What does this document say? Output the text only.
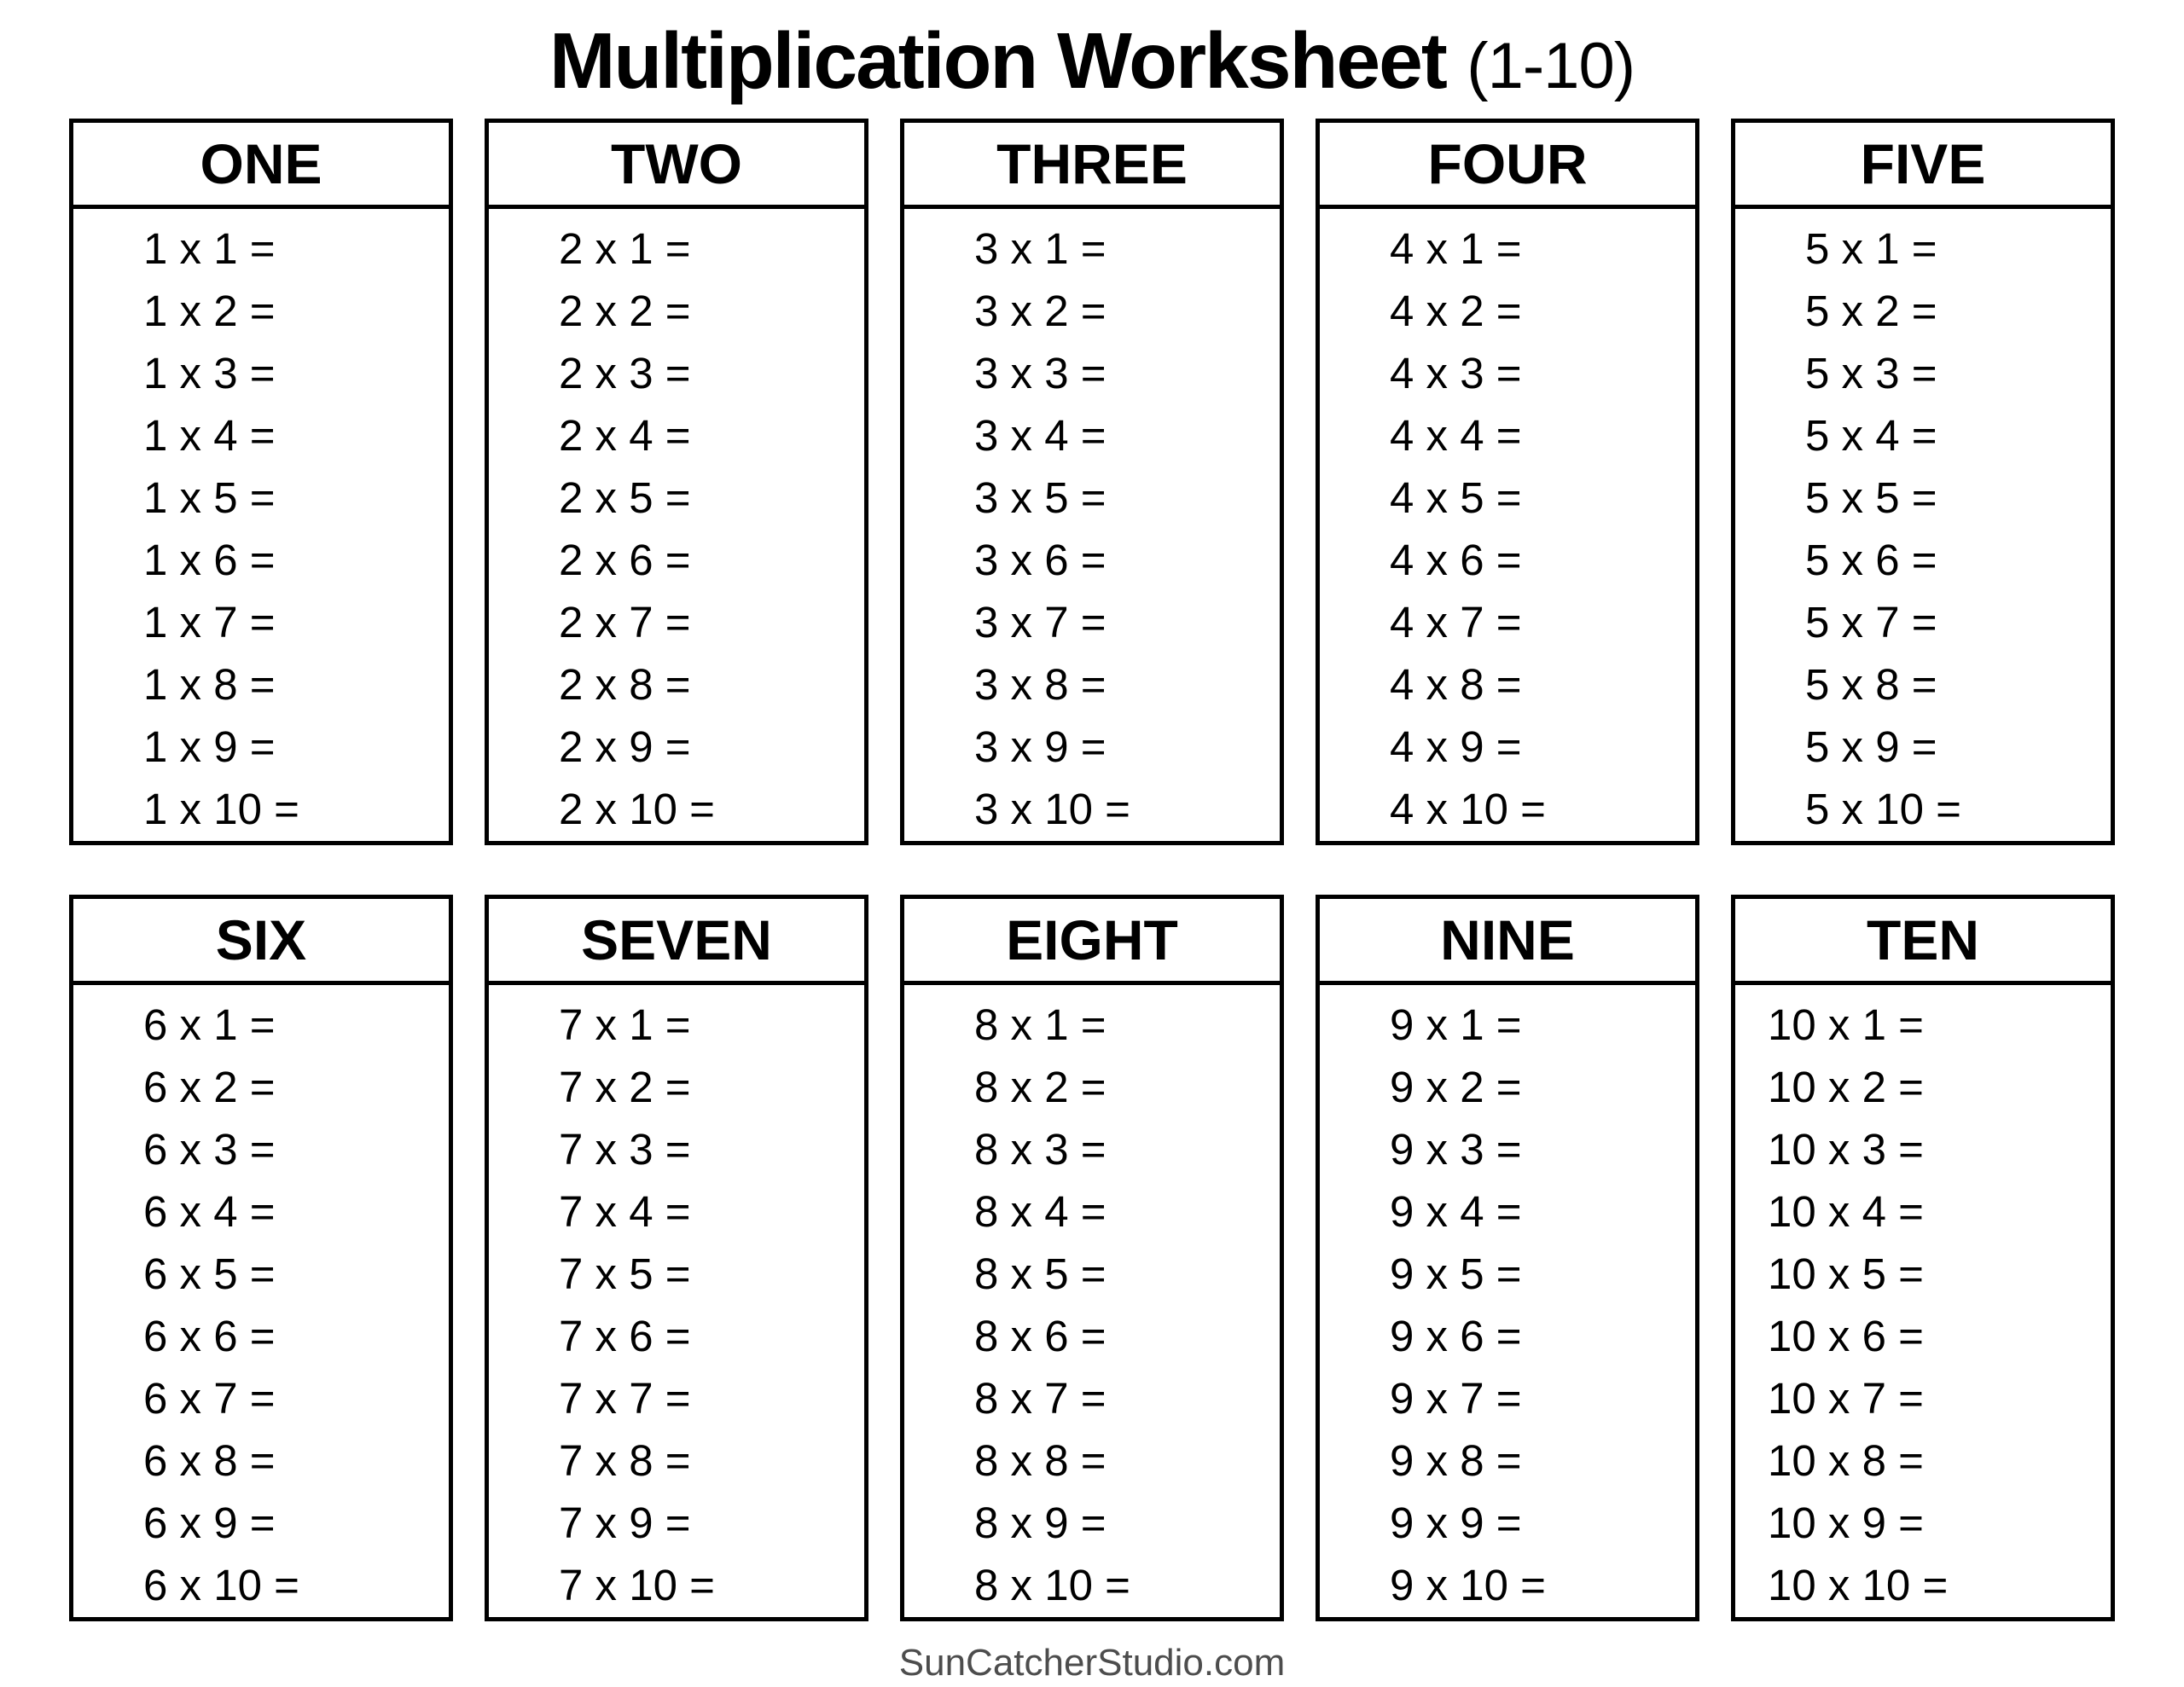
Multiplication Worksheet (1-10)
ONE
1 x 1 =
1 x 2 =
1 x 3 =
1 x 4 =
1 x 5 =
1 x 6 =
1 x 7 =
1 x 8 =
1 x 9 =
1 x 10 =
TWO
2 x 1 =
2 x 2 =
2 x 3 =
2 x 4 =
2 x 5 =
2 x 6 =
2 x 7 =
2 x 8 =
2 x 9 =
2 x 10 =
THREE
3 x 1 =
3 x 2 =
3 x 3 =
3 x 4 =
3 x 5 =
3 x 6 =
3 x 7 =
3 x 8 =
3 x 9 =
3 x 10 =
FOUR
4 x 1 =
4 x 2 =
4 x 3 =
4 x 4 =
4 x 5 =
4 x 6 =
4 x 7 =
4 x 8 =
4 x 9 =
4 x 10 =
FIVE
5 x 1 =
5 x 2 =
5 x 3 =
5 x 4 =
5 x 5 =
5 x 6 =
5 x 7 =
5 x 8 =
5 x 9 =
5 x 10 =
SIX
6 x 1 =
6 x 2 =
6 x 3 =
6 x 4 =
6 x 5 =
6 x 6 =
6 x 7 =
6 x 8 =
6 x 9 =
6 x 10 =
SEVEN
7 x 1 =
7 x 2 =
7 x 3 =
7 x 4 =
7 x 5 =
7 x 6 =
7 x 7 =
7 x 8 =
7 x 9 =
7 x 10 =
EIGHT
8 x 1 =
8 x 2 =
8 x 3 =
8 x 4 =
8 x 5 =
8 x 6 =
8 x 7 =
8 x 8 =
8 x 9 =
8 x 10 =
NINE
9 x 1 =
9 x 2 =
9 x 3 =
9 x 4 =
9 x 5 =
9 x 6 =
9 x 7 =
9 x 8 =
9 x 9 =
9 x 10 =
TEN
10 x 1 =
10 x 2 =
10 x 3 =
10 x 4 =
10 x 5 =
10 x 6 =
10 x 7 =
10 x 8 =
10 x 9 =
10 x 10 =
SunCatcherStudio.com
